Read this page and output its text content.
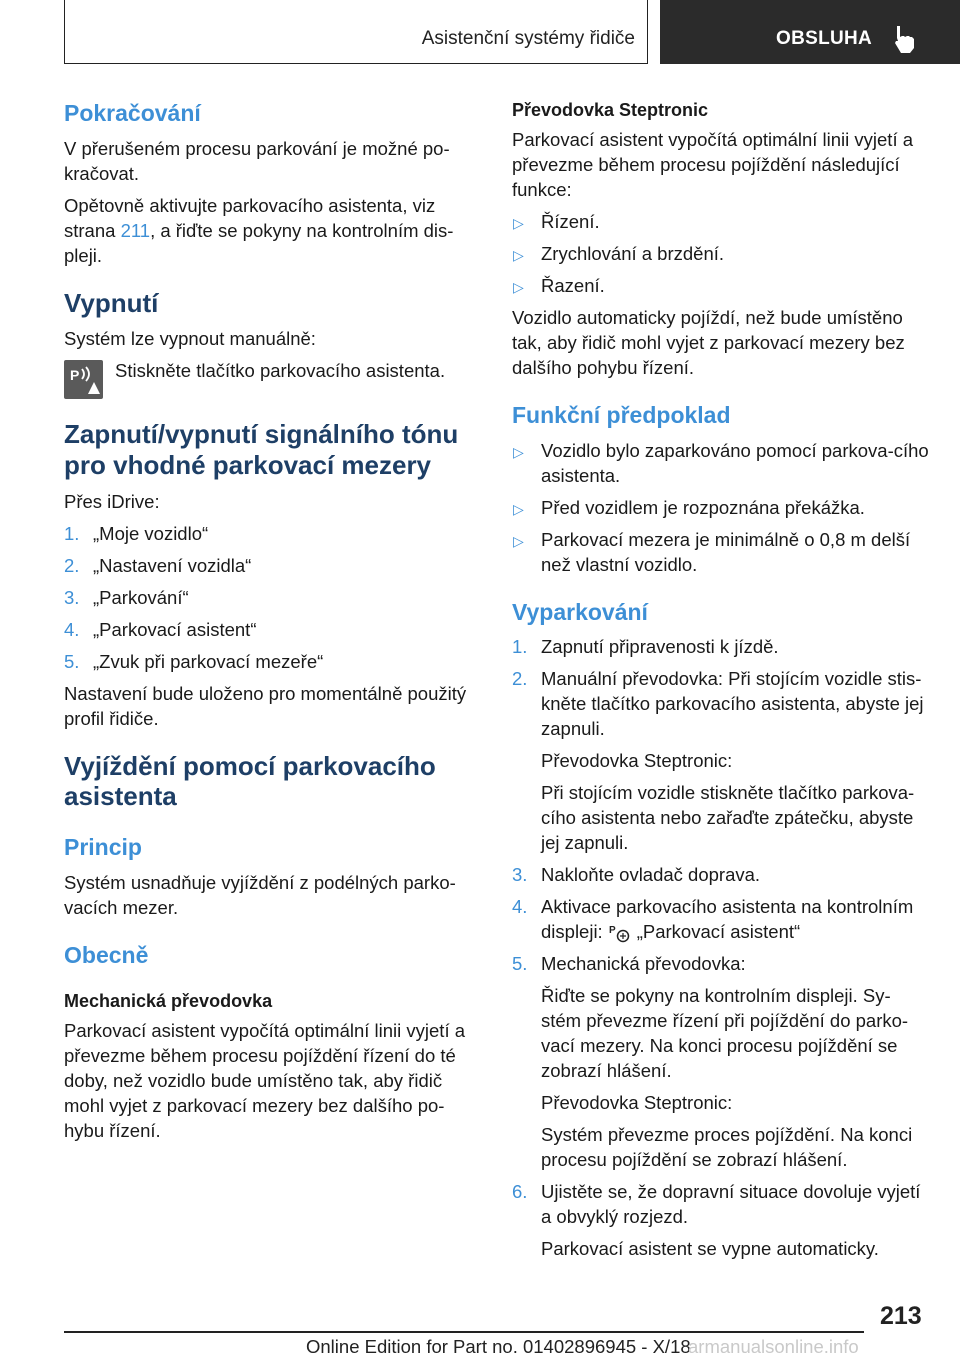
Asistenční systémy řidiče	OBSLUHA
Pokračování

V přerušeném procesu parkování je možné po-kračovat.

Opětovně aktivujte parkovacího asistenta, viz strana 211, a řiďte se pokyny na kontrolním dis-pleji.

Vypnutí

Systém lze vypnout manuálně:

P Stiskněte tlačítko parkovacího asistenta.
Zapnutí/vypnutí signálního tónu pro vhodné parkovací mezery

Přes iDrive:

1. „Moje vozidlo“
2. „Nastavení vozidla“
3. „Parkování“
4. „Parkovací asistent“
5. „Zvuk při parkovací mezeře“

Nastavení bude uloženo pro momentálně použitý profil řidiče.

Vyjíždění pomocí parkovacího asistenta
Princip

Systém usnadňuje vyjíždění z podélných parko-vacích mezer.

Obecně
Mechanická převodovka

Parkovací asistent vypočítá optimální linii vyjetí a převezme během procesu pojíždění řízení do té doby, než vozidlo bude umístěno tak, aby řidič mohl vyjet z parkovací mezery bez dalšího po-hybu řízení.

Převodovka Steptronic

Parkovací asistent vypočítá optimální linii vyjetí a převezme během procesu pojíždění následující funkce:

▷ Řízení.
▷ Zrychlování a brzdění.
▷ Řazení.

Vozidlo automaticky pojíždí, než bude umístěno tak, aby řidič mohl vyjet z parkovací mezery bez dalšího pohybu řízení.

Funkční předpoklad
▷ Vozidlo bylo zaparkováno pomocí parkova-cího asistenta.
▷ Před vozidlem je rozpoznána překážka.
▷ Parkovací mezera je minimálně o 0,8 m delší než vlastní vozidlo.
Vyparkování
1. Zapnutí připravenosti k jízdě.
2. Manuální převodovka: Při stojícím vozidle stis-kněte tlačítko parkovacího asistenta, abyste jej zapnuli.
Převodovka Steptronic:
Při stojícím vozidle stiskněte tlačítko parkova-cího asistenta nebo zařaďte zpátečku, abyste jej zapnuli.
3. Nakloňte ovladač doprava.
4. Aktivace parkovacího asistenta na kontrolním displeji: P „Parkovací asistent“
5. Mechanická převodovka:
Řiďte se pokyny na kontrolním displeji. Sy-stém převezme řízení při pojíždění do parko-vací mezery. Na konci procesu pojíždění se zobrazí hlášení.
Převodovka Steptronic:
Systém převezme proces pojíždění. Na konci procesu pojíždění se zobrazí hlášení.
6. Ujistěte se, že dopravní situace dovoluje vyjetí a obvyklý rozjezd.
Parkovací asistent se vypne automaticky.
213
Online Edition for Part no. 01402896945 - X/18
armanualsonline.info
